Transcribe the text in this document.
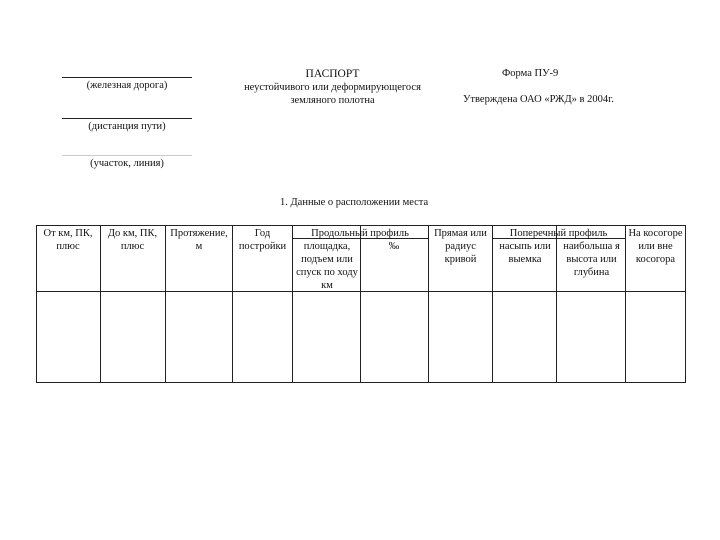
(железная дорога)
(дистанция пути)
(участок, линия)
ПАСПОРТ
неустойчивого или деформирующегося
земляного полотна
Форма ПУ-9
Утверждена ОАО «РЖД» в 2004г.
1. Данные о расположении места
От км, ПК, плюс
До км, ПК, плюс
Протяжение, м
Год постройки
Продольный профиль
площадка, подъем или спуск по ходу км
‰
Прямая или радиус кривой
Поперечный профиль
насыпь или выемка
наибольша я высота или глубина
На косогоре или вне косогора
